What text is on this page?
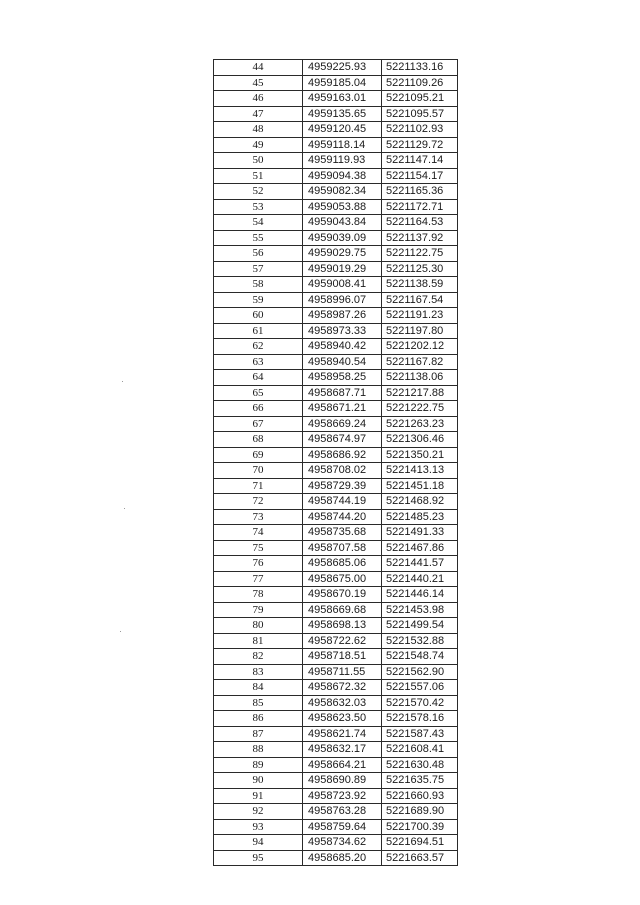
44	4959225.93	5221133.16
45	4959185.04	5221109.26
46	4959163.01	5221095.21
47	4959135.65	5221095.57
48	4959120.45	5221102.93
49	4959118.14	5221129.72
50	4959119.93	5221147.14
51	4959094.38	5221154.17
52	4959082.34	5221165.36
53	4959053.88	5221172.71
54	4959043.84	5221164.53
55	4959039.09	5221137.92
56	4959029.75	5221122.75
57	4959019.29	5221125.30
58	4959008.41	5221138.59
59	4958996.07	5221167.54
60	4958987.26	5221191.23
61	4958973.33	5221197.80
62	4958940.42	5221202.12
63	4958940.54	5221167.82
64	4958958.25	5221138.06
65	4958687.71	5221217.88
66	4958671.21	5221222.75
67	4958669.24	5221263.23
68	4958674.97	5221306.46
69	4958686.92	5221350.21
70	4958708.02	5221413.13
71	4958729.39	5221451.18
72	4958744.19	5221468.92
73	4958744.20	5221485.23
74	4958735.68	5221491.33
75	4958707.58	5221467.86
76	4958685.06	5221441.57
77	4958675.00	5221440.21
78	4958670.19	5221446.14
79	4958669.68	5221453.98
80	4958698.13	5221499.54
81	4958722.62	5221532.88
82	4958718.51	5221548.74
83	4958711.55	5221562.90
84	4958672.32	5221557.06
85	4958632.03	5221570.42
86	4958623.50	5221578.16
87	4958621.74	5221587.43
88	4958632.17	5221608.41
89	4958664.21	5221630.48
90	4958690.89	5221635.75
91	4958723.92	5221660.93
92	4958763.28	5221689.90
93	4958759.64	5221700.39
94	4958734.62	5221694.51
95	4958685.20	5221663.57
